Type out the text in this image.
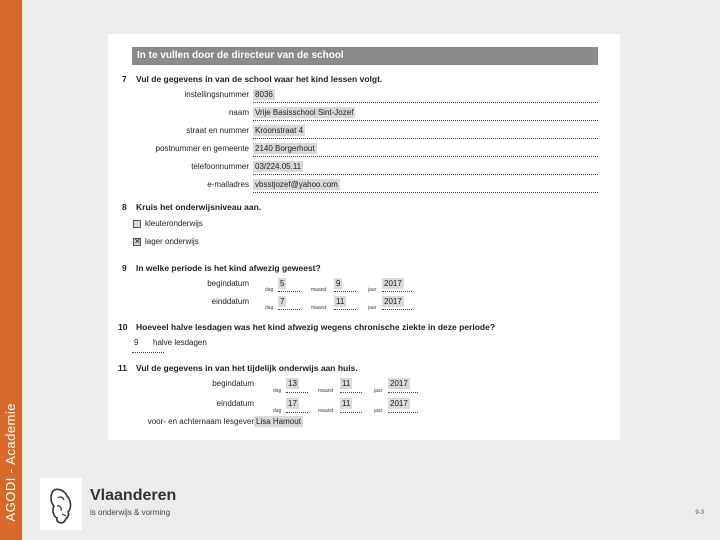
AGODI - Academie
In te vullen door de directeur van de school
7 Vul de gegevens in van de school waar het kind lessen volgt.
instellingsnummer 8036
naam Vrije Basisschool Sint-Jozef
straat en nummer Kroonstraat 4
postnummer en gemeente 2140 Borgerhout
telefoonnummer 03/224.05.11
e-mailadres vbsstjozef@yahoo.com
8 Kruis het onderwijsniveau aan.
kleuteronderwijs
✕ lager onderwijs
9 In welke periode is het kind afwezig geweest?
begindatum
dag
5
maand
9
jaar
2017
einddatum
dag
7
maand
11
jaar
2017
10 Hoeveel halve lesdagen was het kind afwezig wegens chronische ziekte in deze periode?
9 halve lesdagen
11 Vul de gegevens in van het tijdelijk onderwijs aan huis.
begindatum
dag
13
maand
11
jaar
2017
einddatum
dag
17
maand
11
jaar
2017
voor- en achternaam lesgever Lisa Hamout
Vlaanderen
is onderwijs & vorming	9-3
